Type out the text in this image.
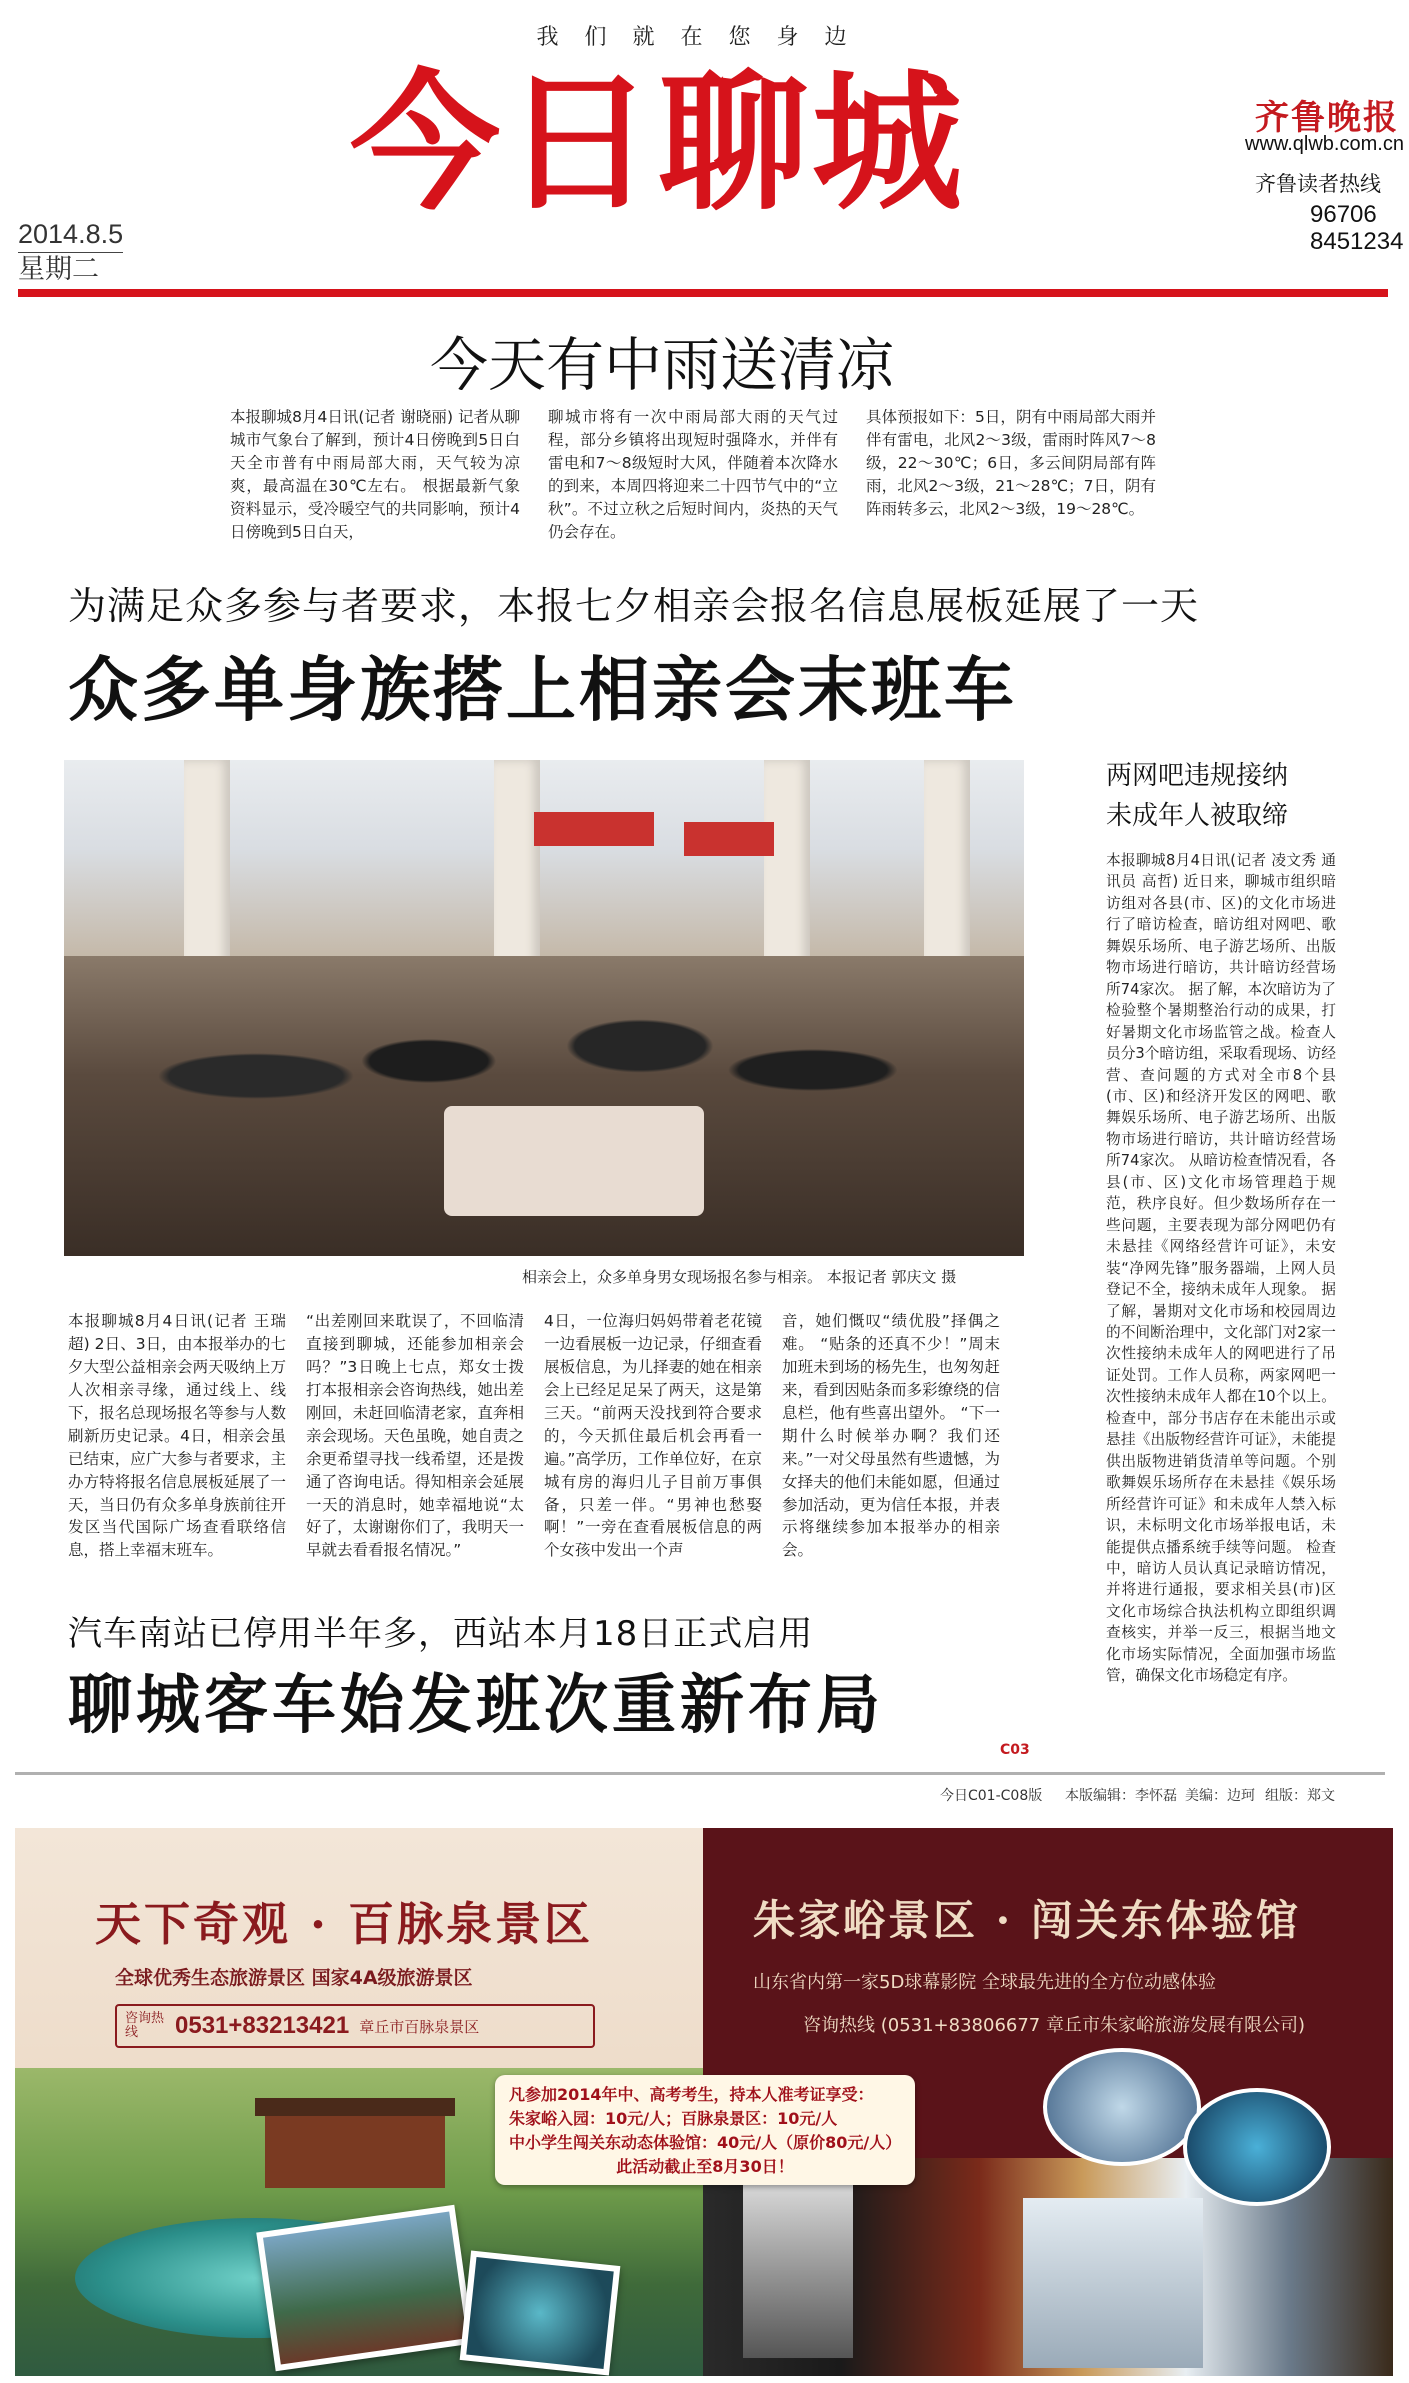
我们就在您身边
今日聊城
2014.8.5
星期二
齐鲁晚报
www.qlwb.com.cn
齐鲁读者热线
96706
8451234
今天有中雨送清凉
本报聊城8月4日讯(记者 谢晓丽) 记者从聊城市气象台了解到，预计4日傍晚到5日白天全市普有中雨局部大雨，天气较为凉爽，最高温在30℃左右。 根据最新气象资料显示，受冷暖空气的共同影响，预计4日傍晚到5日白天，
聊城市将有一次中雨局部大雨的天气过程，部分乡镇将出现短时强降水，并伴有雷电和7～8级短时大风，伴随着本次降水的到来，本周四将迎来二十四节气中的“立秋”。不过立秋之后短时间内，炎热的天气仍会存在。
具体预报如下：5日，阴有中雨局部大雨并伴有雷电，北风2～3级，雷雨时阵风7～8级，22～30℃；6日，多云间阴局部有阵雨，北风2～3级，21～28℃；7日，阴有阵雨转多云，北风2～3级，19～28℃。
为满足众多参与者要求，本报七夕相亲会报名信息展板延展了一天
众多单身族搭上相亲会末班车
相亲会上，众多单身男女现场报名参与相亲。 本报记者 郭庆文 摄
本报聊城8月4日讯(记者 王瑞超) 2日、3日，由本报举办的七夕大型公益相亲会两天吸纳上万人次相亲寻缘，通过线上、线下，报名总现场报名等参与人数刷新历史记录。4日，相亲会虽已结束，应广大参与者要求，主办方特将报名信息展板延展了一天，当日仍有众多单身族前往开发区当代国际广场查看联络信息，搭上幸福末班车。
“出差刚回来耽误了，不回临清直接到聊城，还能参加相亲会吗？”3日晚上七点，郑女士拨打本报相亲会咨询热线，她出差刚回，未赶回临清老家，直奔相亲会现场。天色虽晚，她自责之余更希望寻找一线希望，还是拨通了咨询电话。得知相亲会延展一天的消息时，她幸福地说“太好了，太谢谢你们了，我明天一早就去看看报名情况。”
4日，一位海归妈妈带着老花镜一边看展板一边记录，仔细查看展板信息，为儿择妻的她在相亲会上已经足足呆了两天，这是第三天。“前两天没找到符合要求的，今天抓住最后机会再看一遍。”高学历，工作单位好，在京城有房的海归儿子目前万事俱备，只差一伴。“男神也愁娶啊！”一旁在查看展板信息的两个女孩中发出一个声
音，她们慨叹“绩优股”择偶之难。 “贴条的还真不少！”周末加班未到场的杨先生，也匆匆赶来，看到因贴条而多彩缭绕的信息栏，他有些喜出望外。 “下一期什么时候举办啊？我们还来。”一对父母虽然有些遗憾，为女择夫的他们未能如愿，但通过参加活动，更为信任本报，并表示将继续参加本报举办的相亲会。
两网吧违规接纳
未成年人被取缔
本报聊城8月4日讯(记者 凌文秀 通讯员 高哲) 近日来，聊城市组织暗访组对各县(市、区)的文化市场进行了暗访检查，暗访组对网吧、歌舞娱乐场所、电子游艺场所、出版物市场进行暗访，共计暗访经营场所74家次。 据了解，本次暗访为了检验整个暑期整治行动的成果，打好暑期文化市场监管之战。检查人员分3个暗访组，采取看现场、访经营、查问题的方式对全市8个县(市、区)和经济开发区的网吧、歌舞娱乐场所、电子游艺场所、出版物市场进行暗访，共计暗访经营场所74家次。 从暗访检查情况看，各县(市、区)文化市场管理趋于规范，秩序良好。但少数场所存在一些问题，主要表现为部分网吧仍有未悬挂《网络经营许可证》，未安装“净网先锋”服务器端，上网人员登记不全，接纳未成年人现象。 据了解，暑期对文化市场和校园周边的不间断治理中，文化部门对2家一次性接纳未成年人的网吧进行了吊证处罚。工作人员称，两家网吧一次性接纳未成年人都在10个以上。 检查中，部分书店存在未能出示或悬挂《出版物经营许可证》，未能提供出版物进销货清单等问题。个别歌舞娱乐场所存在未悬挂《娱乐场所经营许可证》和未成年人禁入标识，未标明文化市场举报电话，未能提供点播系统手续等问题。 检查中，暗访人员认真记录暗访情况，并将进行通报，要求相关县(市)区文化市场综合执法机构立即组织调查核实，并举一反三，根据当地文化市场实际情况，全面加强市场监管，确保文化市场稳定有序。
汽车南站已停用半年多，西站本月18日正式启用
聊城客车始发班次重新布局
C03
今日C01-C08版 本版编辑：李怀磊 美编：边珂 组版：郑文
天下奇观 · 百脉泉景区
全球优秀生态旅游景区 国家4A级旅游景区
咨询热线	0531+83213421 章丘市百脉泉景区
朱家峪景区 · 闯关东体验馆
山东省内第一家5D球幕影院 全球最先进的全方位动感体验
咨询热线 (0531+83806677 章丘市朱家峪旅游发展有限公司)
凡参加2014年中、高考考生，持本人准考证享受：
朱家峪入园：10元/人；百脉泉景区：10元/人
中小学生闯关东动态体验馆：40元/人（原价80元/人）
此活动截止至8月30日！
